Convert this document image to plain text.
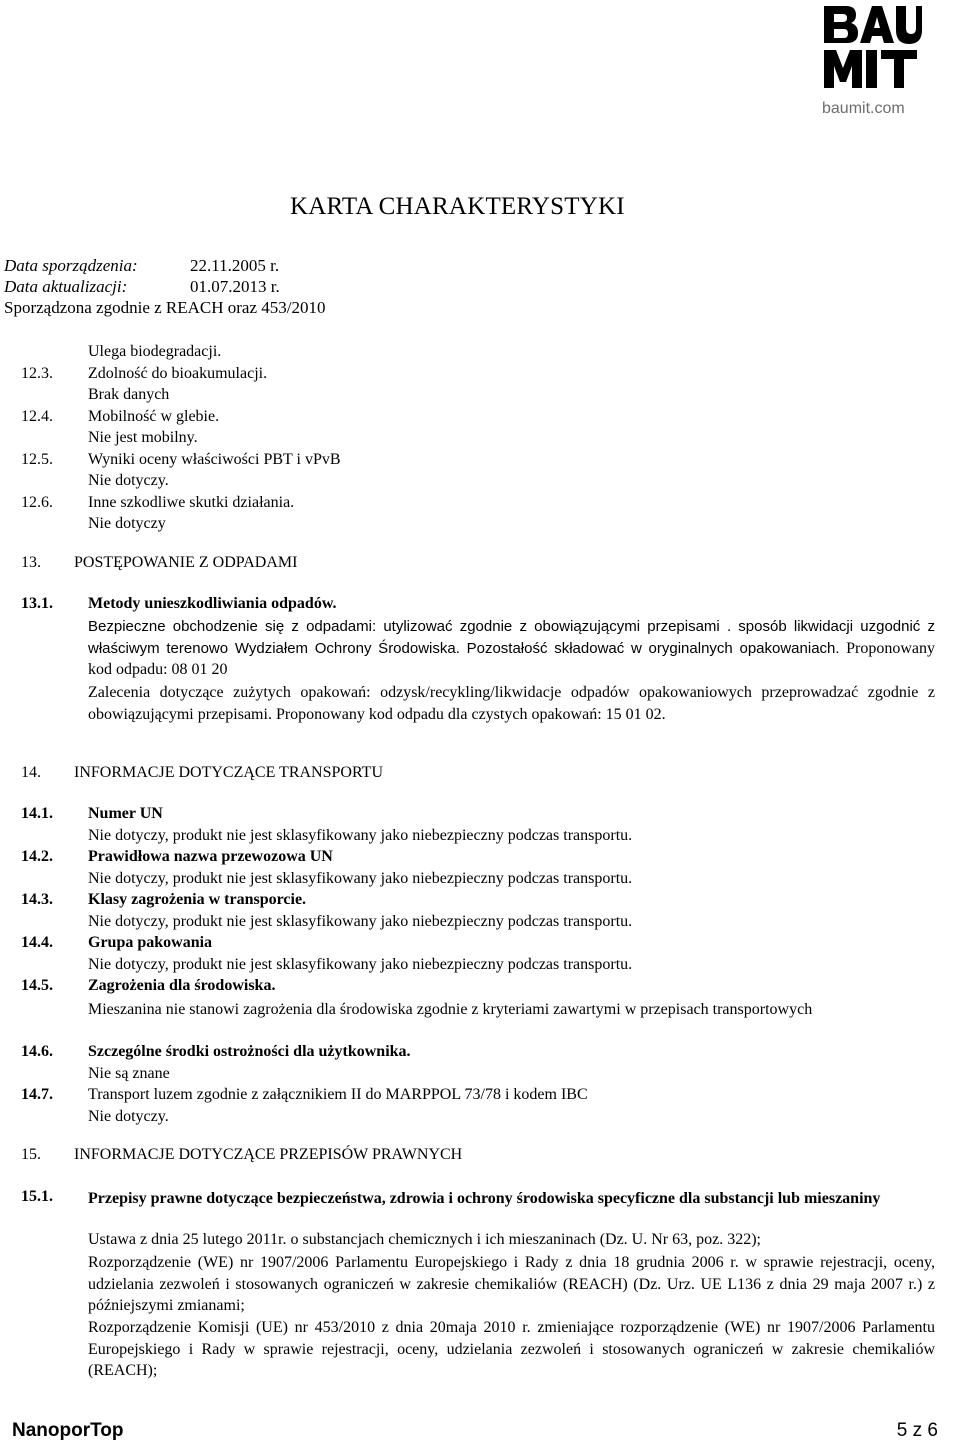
baumit.com
KARTA CHARAKTERYSTYKI
Data sporządzenia:	22.11.2005 r.
Data aktualizacji:	01.07.2013 r.
Sporządzona zgodnie z REACH oraz 453/2010
Ulega biodegradacji.
12.3. Zdolność do bioakumulacji.
Brak danych
12.4. Mobilność w glebie.
Nie jest mobilny.
12.5. Wyniki oceny właściwości PBT i vPvB
Nie dotyczy.
12.6. Inne szkodliwe skutki działania.
Nie dotyczy
13. POSTĘPOWANIE Z ODPADAMI
13.1. Metody unieszkodliwiania odpadów.
Bezpieczne obchodzenie się z odpadami: utylizować zgodnie z obowiązującymi przepisami . sposób likwidacji uzgodnić z właściwym terenowo Wydziałem Ochrony Środowiska. Pozostałość składować w oryginalnych opakowaniach. Proponowany kod odpadu: 08 01 20
Zalecenia dotyczące zużytych opakowań: odzysk/recykling/likwidacje odpadów opakowaniowych przeprowadzać zgodnie z obowiązującymi przepisami. Proponowany kod odpadu dla czystych opakowań: 15 01 02.
14. INFORMACJE DOTYCZĄCE TRANSPORTU
14.1. Numer UN
Nie dotyczy, produkt nie jest sklasyfikowany jako niebezpieczny podczas transportu.
14.2. Prawidłowa nazwa przewozowa UN
Nie dotyczy, produkt nie jest sklasyfikowany jako niebezpieczny podczas transportu.
14.3. Klasy zagrożenia w transporcie.
Nie dotyczy, produkt nie jest sklasyfikowany jako niebezpieczny podczas transportu.
14.4. Grupa pakowania
Nie dotyczy, produkt nie jest sklasyfikowany jako niebezpieczny podczas transportu.
14.5. Zagrożenia dla środowiska.
Mieszanina nie stanowi zagrożenia dla środowiska zgodnie z kryteriami zawartymi w przepisach transportowych
14.6. Szczególne środki ostrożności dla użytkownika.
Nie są znane
14.7. Transport luzem zgodnie z załącznikiem II do MARPPOL 73/78 i kodem IBC
Nie dotyczy.
15. INFORMACJE DOTYCZĄCE PRZEPISÓW PRAWNYCH
15.1. Przepisy prawne dotyczące bezpieczeństwa, zdrowia i ochrony środowiska specyficzne dla substancji lub mieszaniny
Ustawa z dnia 25 lutego 2011r. o substancjach chemicznych i ich mieszaninach (Dz. U. Nr 63, poz. 322);
Rozporządzenie (WE) nr 1907/2006 Parlamentu Europejskiego i Rady z dnia 18 grudnia 2006 r. w sprawie rejestracji, oceny, udzielania zezwoleń i stosowanych ograniczeń w zakresie chemikaliów (REACH) (Dz. Urz. UE L136 z dnia 29 maja 2007 r.) z późniejszymi zmianami;
Rozporządzenie Komisji (UE) nr 453/2010 z dnia 20maja 2010 r. zmieniające rozporządzenie (WE) nr 1907/2006 Parlamentu Europejskiego i Rady w sprawie rejestracji, oceny, udzielania zezwoleń i stosowanych ograniczeń w zakresie chemikaliów (REACH);
NanoporTop	5 z 6
